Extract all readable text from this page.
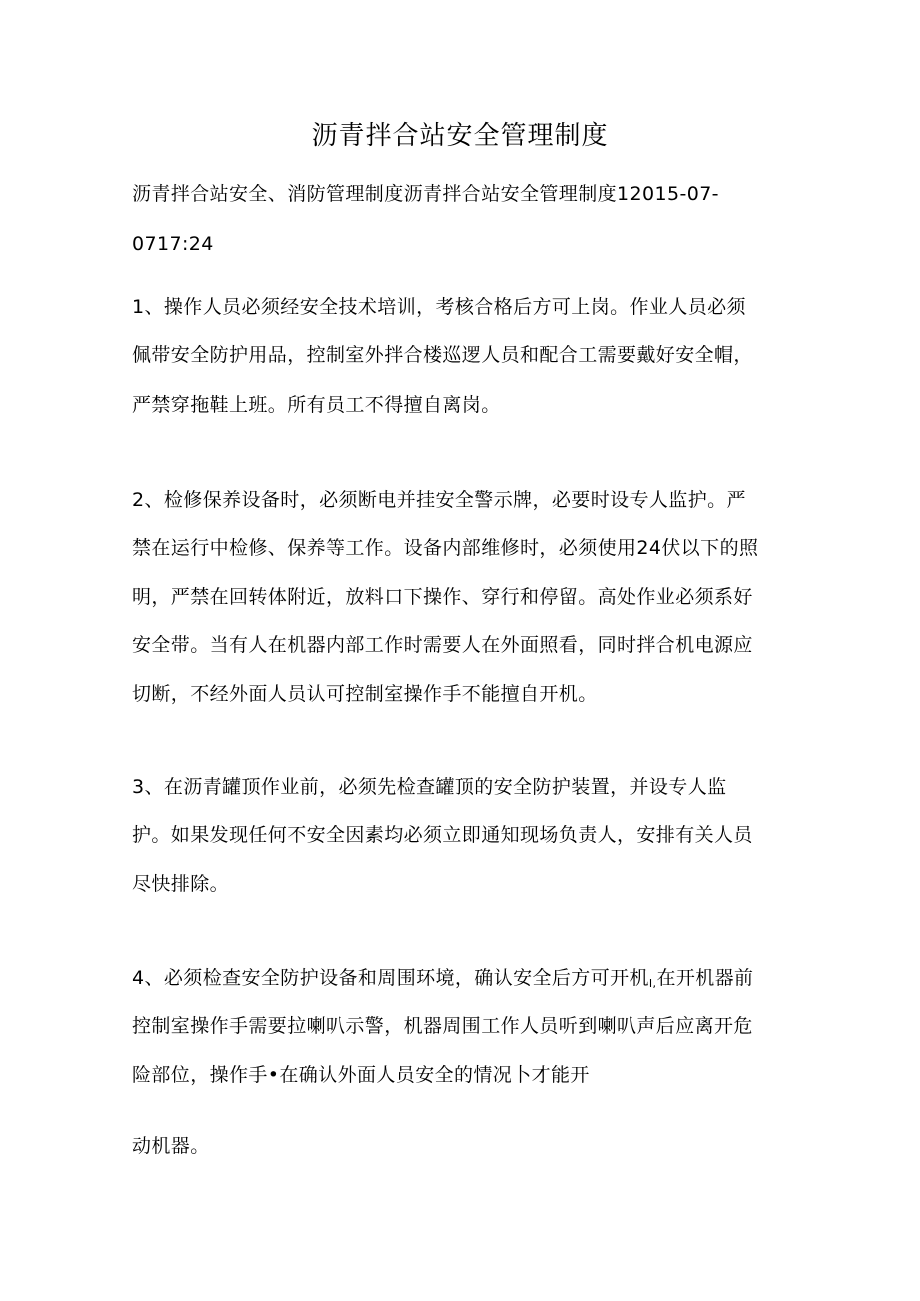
沥青拌合站安全管理制度
沥青拌合站安全、消防管理制度沥青拌合站安全管理制度12015-07-
0717:24
1、操作人员必须经安全技术培训，考核合格后方可上岗。作业人员必须
佩带安全防护用品，控制室外拌合楼巡逻人员和配合工需要戴好安全帽，
严禁穿拖鞋上班。所有员工不得擅自离岗。
2、检修保养设备时，必须断电并挂安全警示牌，必要时设专人监护。严
禁在运行中检修、保养等工作。设备内部维修时，必须使用24伏以下的照
明，严禁在回转体附近，放料口下操作、穿行和停留。高处作业必须系好
安全带。当有人在机器内部工作时需要人在外面照看，同时拌合机电源应
切断，不经外面人员认可控制室操作手不能擅自开机。
3、在沥青罐顶作业前，必须先检查罐顶的安全防护装置，并设专人监
护。如果发现任何不安全因素均必须立即通知现场负责人，安排有关人员
尽快排除。
4、必须检查安全防护设备和周围环境，确认安全后方可开机$_{I,}$在开机器前
控制室操作手需要拉喇叭示警，机器周围工作人员听到喇叭声后应离开危
险部位，操作手•在确认外面人员安全的情况卜才能开
动机器。
